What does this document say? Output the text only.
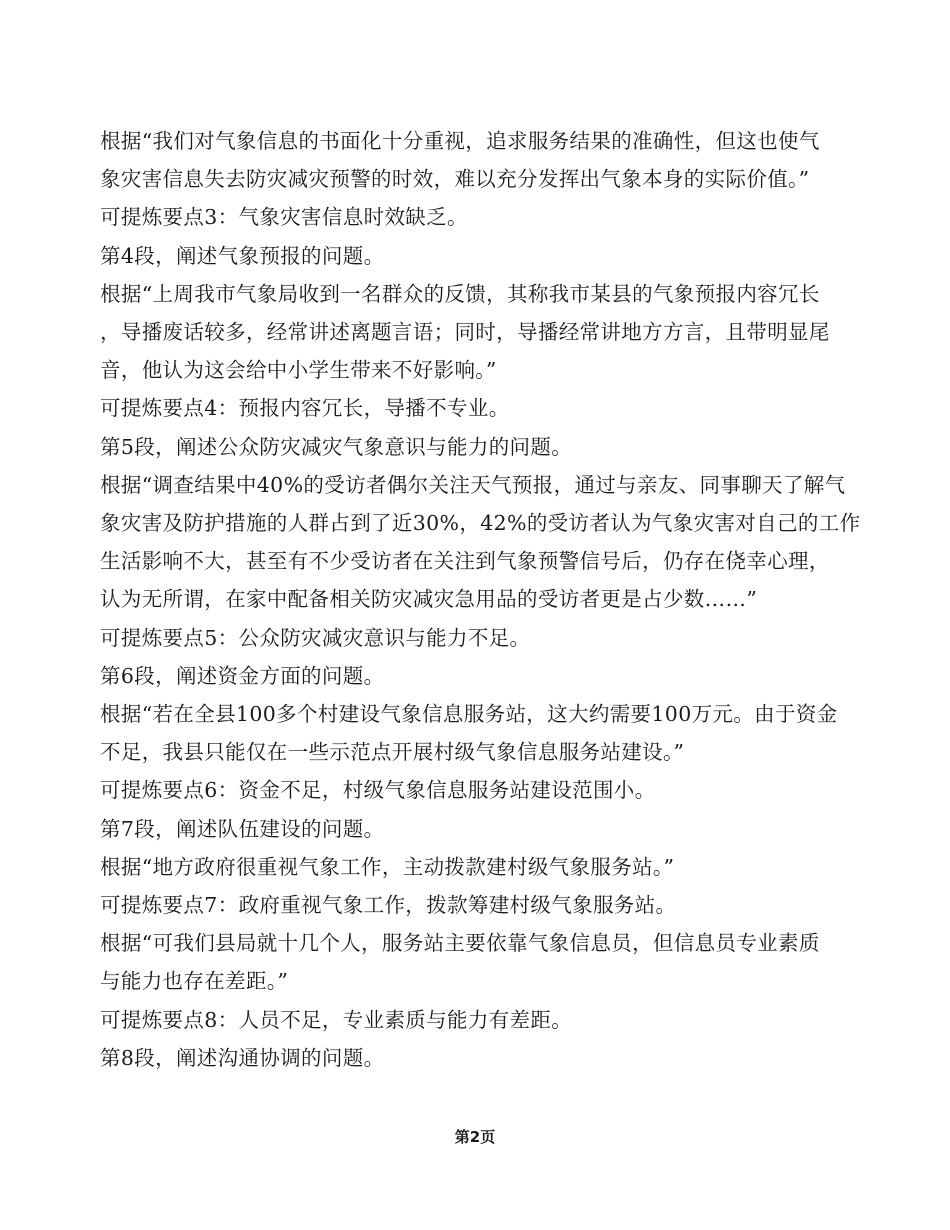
根据“我们对气象信息的书面化十分重视，追求服务结果的准确性，但这也使气
象灾害信息失去防灾减灾预警的时效，难以充分发挥出气象本身的实际价值。”
可提炼要点3：气象灾害信息时效缺乏。
第4段，阐述气象预报的问题。
根据“上周我市气象局收到一名群众的反馈，其称我市某县的气象预报内容冗长
，导播废话较多，经常讲述离题言语；同时，导播经常讲地方方言，且带明显尾
音，他认为这会给中小学生带来不好影响。”
可提炼要点4：预报内容冗长，导播不专业。
第5段，阐述公众防灾减灾气象意识与能力的问题。
根据“调查结果中40%的受访者偶尔关注天气预报，通过与亲友、同事聊天了解气
象灾害及防护措施的人群占到了近30%，42%的受访者认为气象灾害对自己的工作
生活影响不大，甚至有不少受访者在关注到气象预警信号后，仍存在侥幸心理，
认为无所谓，在家中配备相关防灾减灾急用品的受访者更是占少数……”
可提炼要点5：公众防灾减灾意识与能力不足。
第6段，阐述资金方面的问题。
根据“若在全县100多个村建设气象信息服务站，这大约需要100万元。由于资金
不足，我县只能仅在一些示范点开展村级气象信息服务站建设。”
可提炼要点6：资金不足，村级气象信息服务站建设范围小。
第7段，阐述队伍建设的问题。
根据“地方政府很重视气象工作，主动拨款建村级气象服务站。”
可提炼要点7：政府重视气象工作，拨款筹建村级气象服务站。
根据“可我们县局就十几个人，服务站主要依靠气象信息员，但信息员专业素质
与能力也存在差距。”
可提炼要点8：人员不足，专业素质与能力有差距。
第8段，阐述沟通协调的问题。
第2页
